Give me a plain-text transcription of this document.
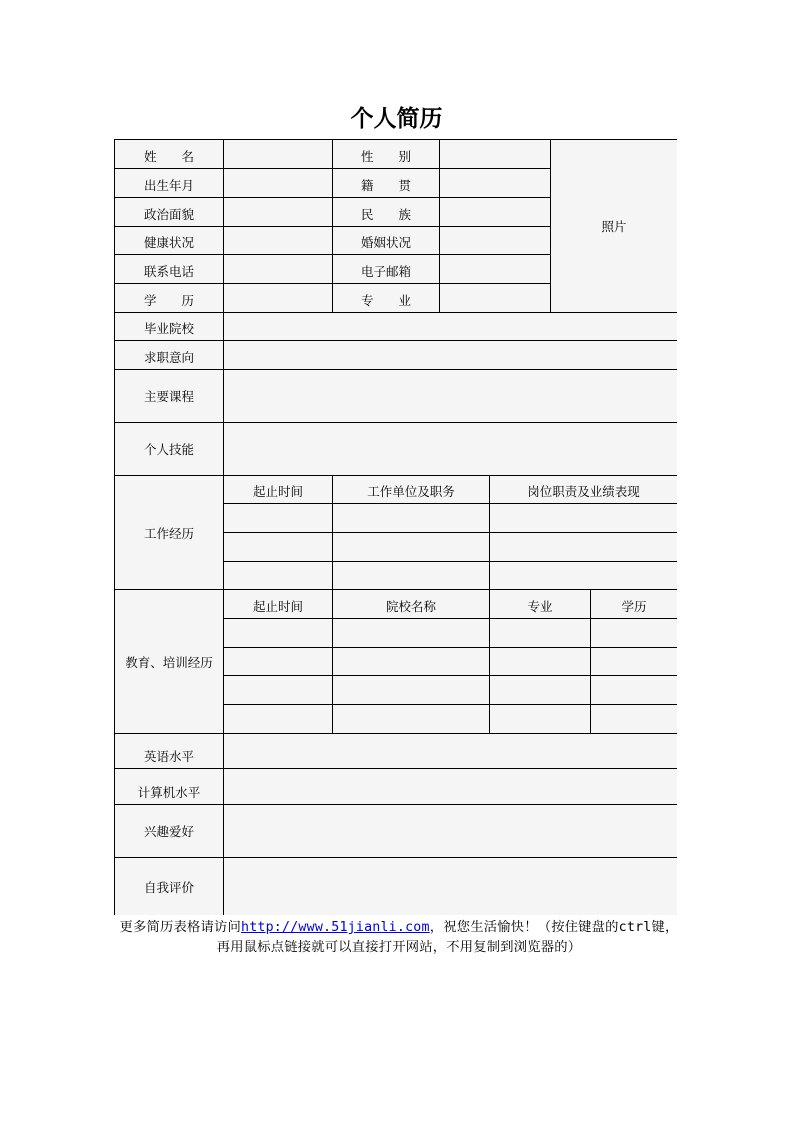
个人简历
姓　　名	性　　别
出生年月	籍　　贯
政治面貌	民　　族
健康状况	婚姻状况
联系电话	电子邮箱
学　　历	专　　业
照片
毕业院校
求职意向
主要课程
个人技能
工作经历
起止时间	工作单位及职务	岗位职责及业绩表现
教育、培训经历
起止时间	院校名称	专业	学历
英语水平
计算机水平
兴趣爱好
自我评价
更多简历表格请访问http://www.51jianli.com，祝您生活愉快！（按住键盘的ctrl键，再用鼠标点链接就可以直接打开网站，不用复制到浏览器的）
